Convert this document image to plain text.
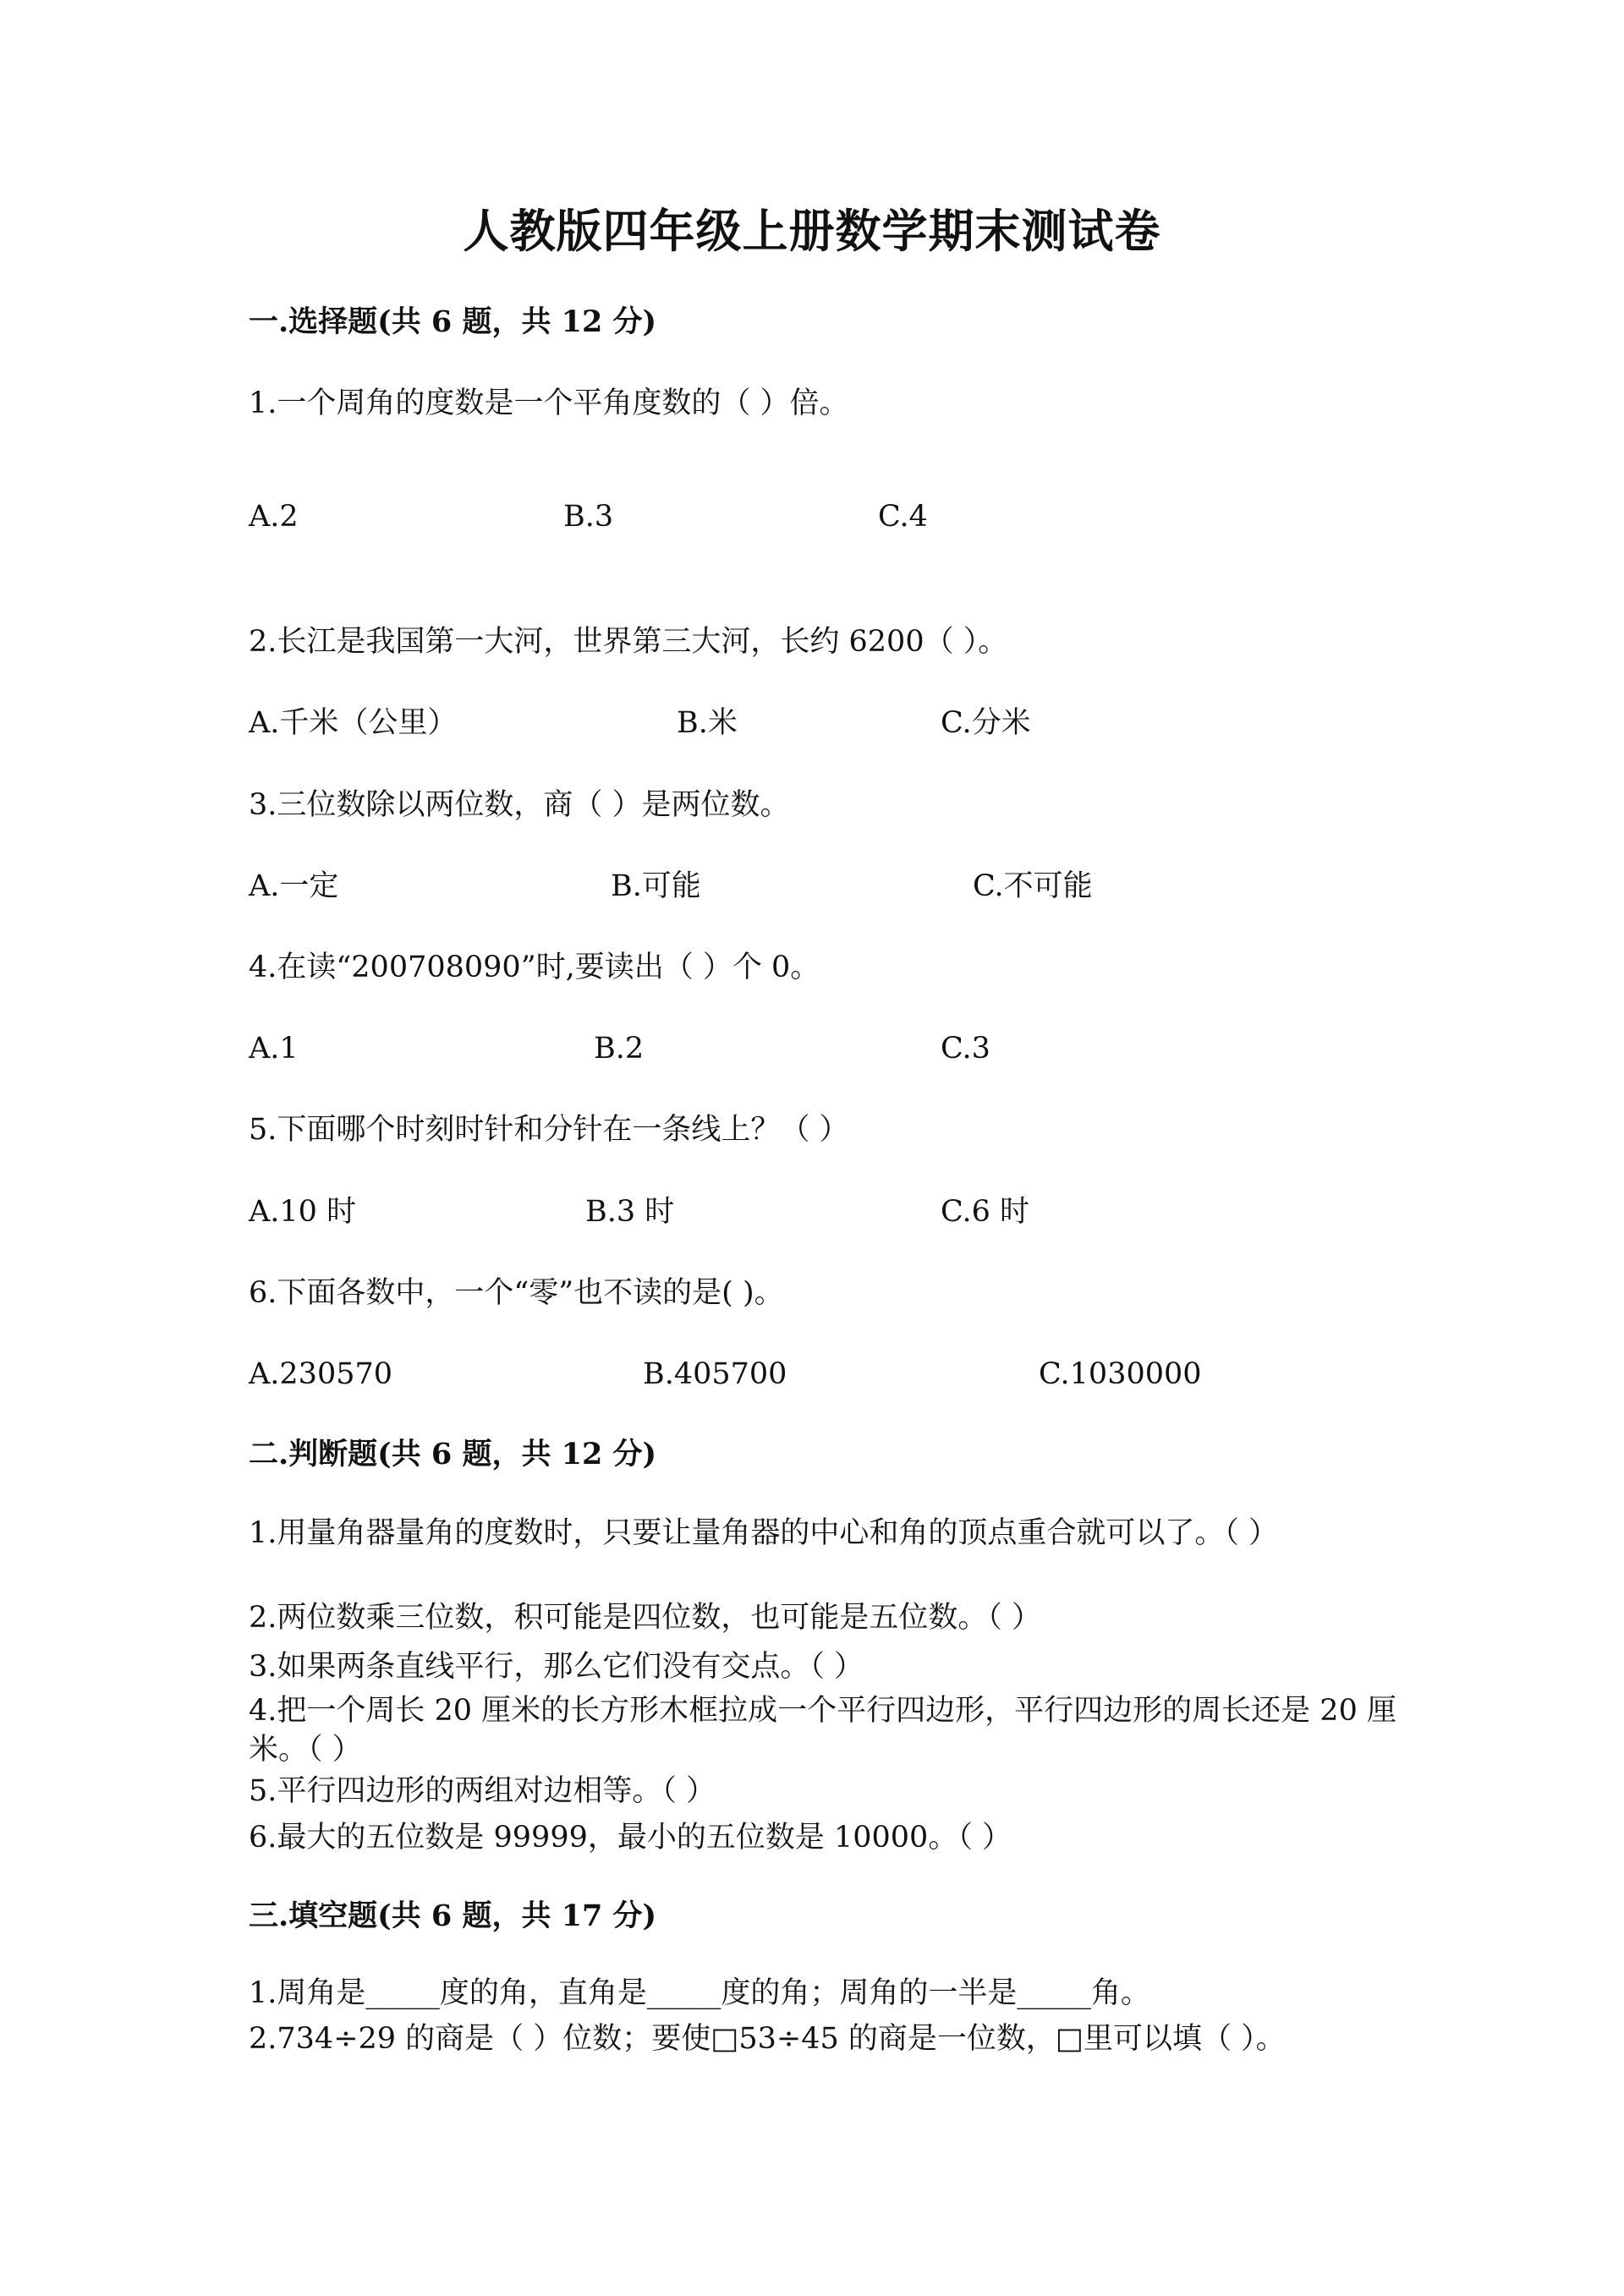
人教版四年级上册数学期末测试卷
一.选择题(共 6 题，共 12 分)
1.一个周角的度数是一个平角度数的（ ）倍。
A.2	B.3	C.4
2.长江是我国第一大河，世界第三大河，长约 6200（ ）。
A.千米（公里）	B.米	C.分米
3.三位数除以两位数，商（ ）是两位数。
A.一定	B.可能	C.不可能
4.在读“200708090”时,要读出（ ）个 0。
A.1	B.2	C.3
5.下面哪个时刻时针和分针在一条线上？（ ）
A.10 时	B.3 时	C.6 时
6.下面各数中，一个“零”也不读的是( )。
A.230570	B.405700	C.1030000
二.判断题(共 6 题，共 12 分)
1.用量角器量角的度数时，只要让量角器的中心和角的顶点重合就可以了。（ ）
2.两位数乘三位数，积可能是四位数，也可能是五位数。（ ）
3.如果两条直线平行，那么它们没有交点。（ ）
4.把一个周长 20 厘米的长方形木框拉成一个平行四边形，平行四边形的周长还是 20 厘米。（ ）
5.平行四边形的两组对边相等。（ ）
6.最大的五位数是 99999，最小的五位数是 10000。（ ）
三.填空题(共 6 题，共 17 分)
1.周角是_____度的角，直角是_____度的角；周角的一半是_____角。
2.734÷29 的商是（ ）位数；要使□53÷45 的商是一位数，□里可以填（ ）。
